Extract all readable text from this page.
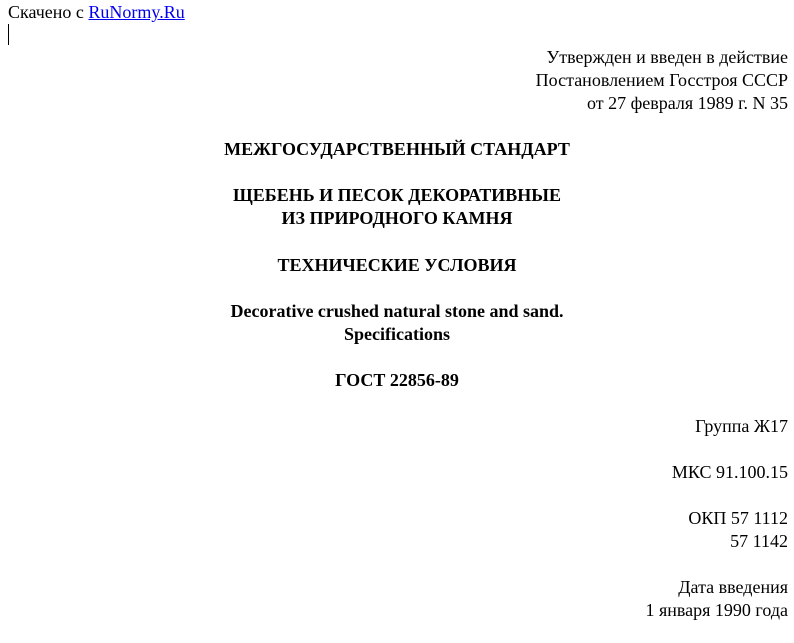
Скачено с RuNormy.Ru
Утвержден и введен в действие
Постановлением Госстроя СССР
от 27 февраля 1989 г. N 35
МЕЖГОСУДАРСТВЕННЫЙ СТАНДАРТ
ЩЕБЕНЬ И ПЕСОК ДЕКОРАТИВНЫЕ
ИЗ ПРИРОДНОГО КАМНЯ
ТЕХНИЧЕСКИЕ УСЛОВИЯ
Decorative crushed natural stone and sand.
Specifications
ГОСТ 22856-89
Группа Ж17
МКС 91.100.15
ОКП 57 1112
57 1142
Дата введения
1 января 1990 года
